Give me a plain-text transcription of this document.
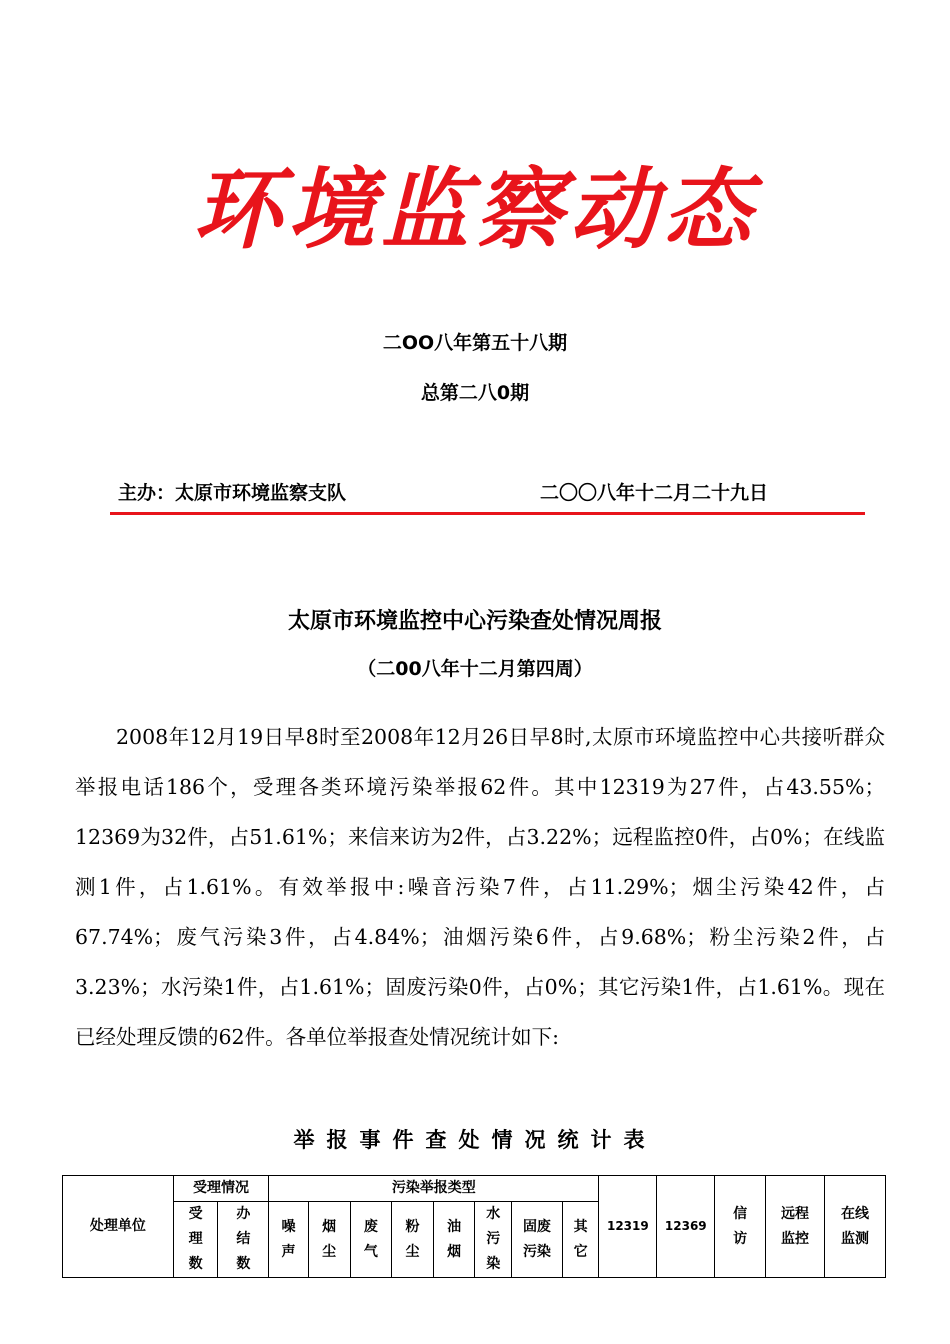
环境监察动态
二OO八年第五十八期
总第二八0期
主办：太原市环境监察支队	二〇〇八年十二月二十九日
太原市环境监控中心污染查处情况周报
（二00八年十二月第四周）

2008年12月19日早8时至2008年12月26日早8时,太原市环境监控中心共接听群众举报电话186个，受理各类环境污染举报62件。其中12319为27件，占43.55%；12369为32件，占51.61%；来信来访为2件，占3.22%；远程监控0件，占0%；在线监测1件，占1.61%。有效举报中:噪音污染7件，占11.29%；烟尘污染42件，占67.74%；废气污染3件，占4.84%；油烟污染6件，占9.68%；粉尘污染2件，占3.23%；水污染1件，占1.61%；固废污染0件，占0%；其它污染1件，占1.61%。现在已经处理反馈的62件。各单位举报查处情况统计如下:

举报事件查处情况统计表
处理单位	受理情况		污染举报类型								12319	12369	信访	远程监控	在线监测

	受理数	办结数	噪声	烟尘	废气	粉尘	油烟	水污染	固废污染	其它					
